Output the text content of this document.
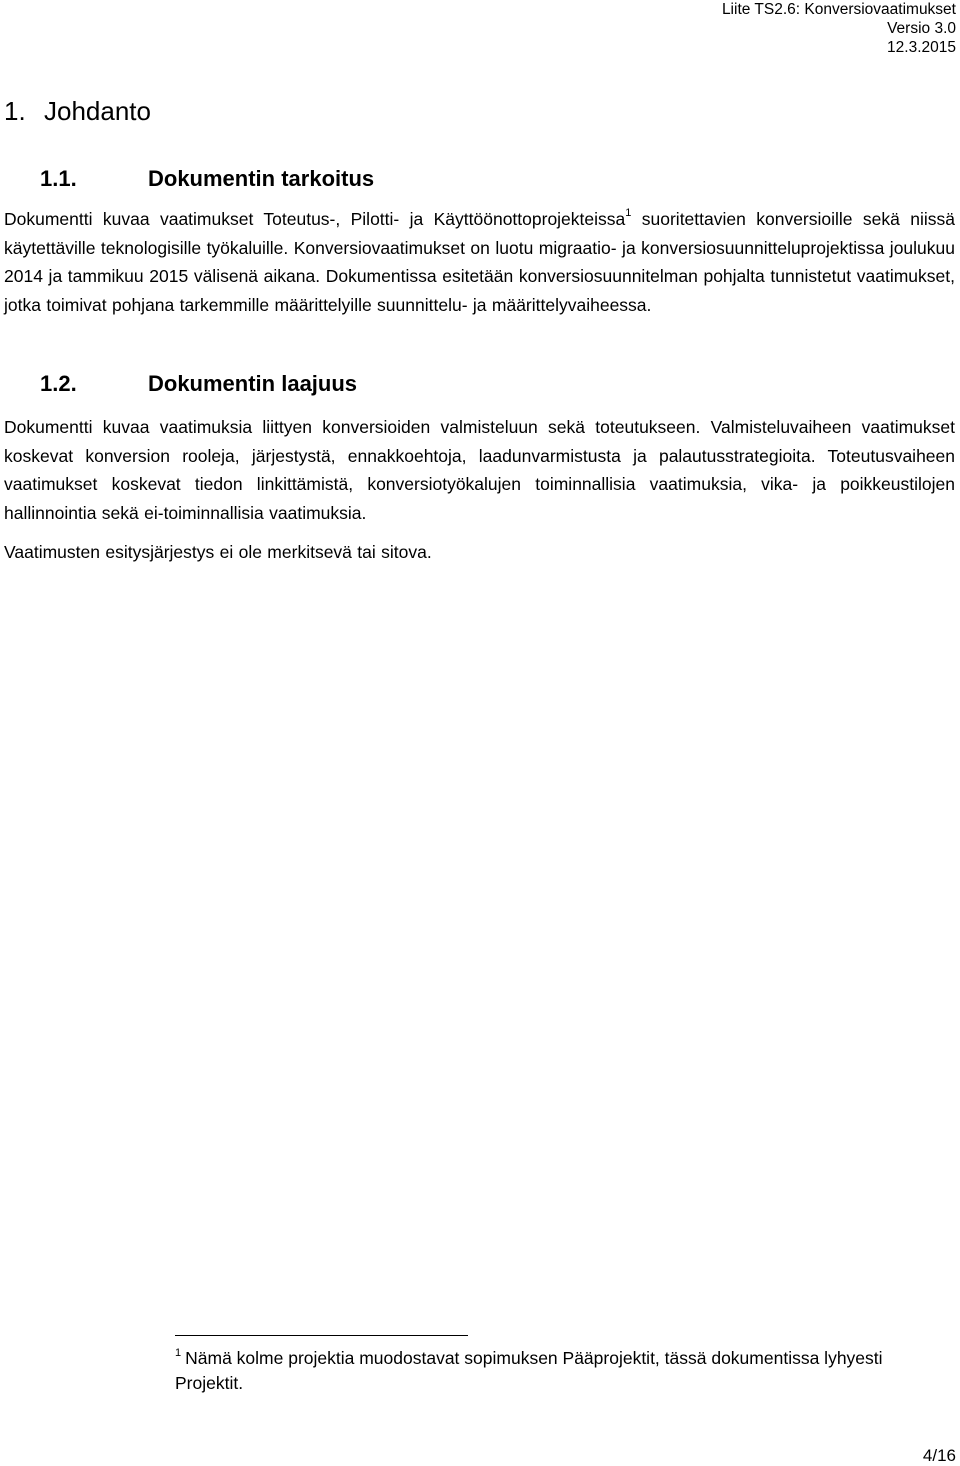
Liite TS2.6: Konversiovaatimukset
Versio 3.0
12.3.2015
1. Johdanto
1.1.	Dokumentin tarkoitus
Dokumentti kuvaa vaatimukset Toteutus-, Pilotti- ja Käyttöönottoprojekteissa$^1$ suoritettavien konversioille sekä niissä käytettäville teknologisille työkaluille. Konversiovaatimukset on luotu migraatio- ja konversiosuunnitteluprojektissa joulukuu 2014 ja tammikuu 2015 välisenä aikana. Dokumentissa esitetään konversiosuunnitelman pohjalta tunnistetut vaatimukset, jotka toimivat pohjana tarkemmille määrittelyille suunnittelu- ja määrittelyvaiheessa.
1.2.	Dokumentin laajuus
Dokumentti kuvaa vaatimuksia liittyen konversioiden valmisteluun sekä toteutukseen. Valmisteluvaiheen vaatimukset koskevat konversion rooleja, järjestystä, ennakkoehtoja, laadunvarmistusta ja palautusstrategioita. Toteutusvaiheen vaatimukset koskevat tiedon linkittämistä, konversiotyökalujen toiminnallisia vaatimuksia, vika- ja poikkeustilojen hallinnointia sekä ei-toiminnallisia vaatimuksia.
Vaatimusten esitysjärjestys ei ole merkitsevä tai sitova.
$^1$ Nämä kolme projektia muodostavat sopimuksen Pääprojektit, tässä dokumentissa lyhyesti Projektit.
4/16
